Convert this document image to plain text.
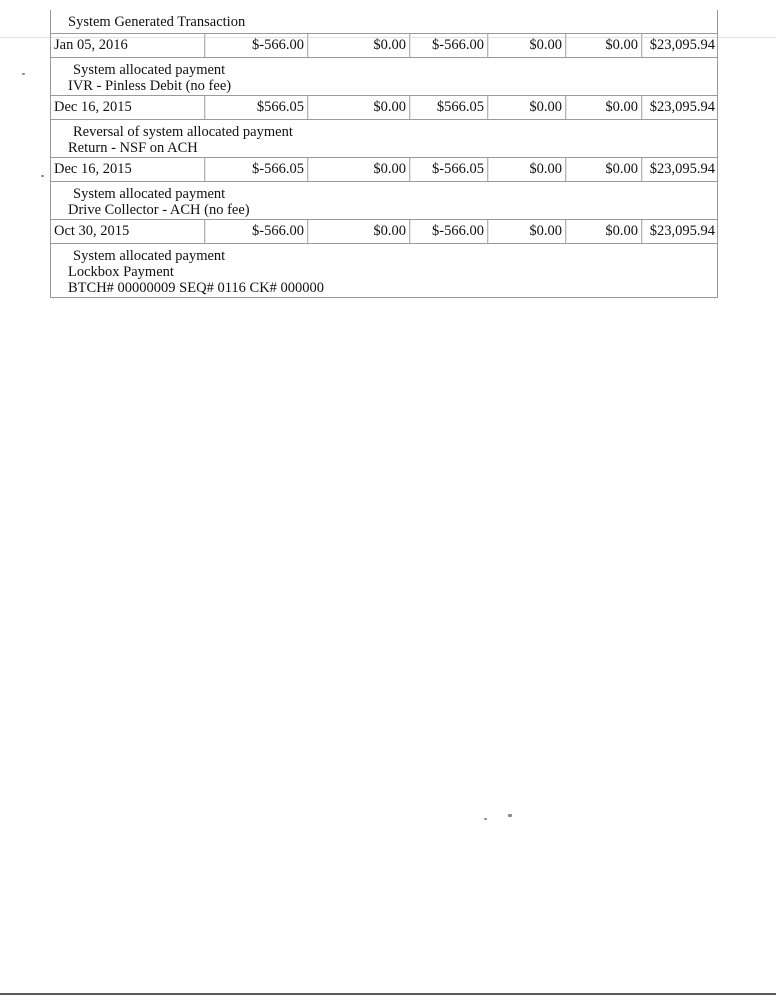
System Generated Transaction
Jan 05, 2016	$-566.00	$0.00	$-566.00	$0.00	$0.00 $23,095.94
System allocated payment
IVR - Pinless Debit (no fee)
Dec 16, 2015	$566.05	$0.00	$566.05	$0.00	$0.00 $23,095.94
Reversal of system allocated payment
Return - NSF on ACH
Dec 16, 2015	$-566.05	$0.00	$-566.05	$0.00	$0.00 $23,095.94
System allocated payment
Drive Collector - ACH (no fee)
Oct 30, 2015	$-566.00	$0.00	$-566.00	$0.00	$0.00 $23,095.94
System allocated payment
Lockbox Payment
BTCH# 00000009 SEQ# 0116 CK# 000000
